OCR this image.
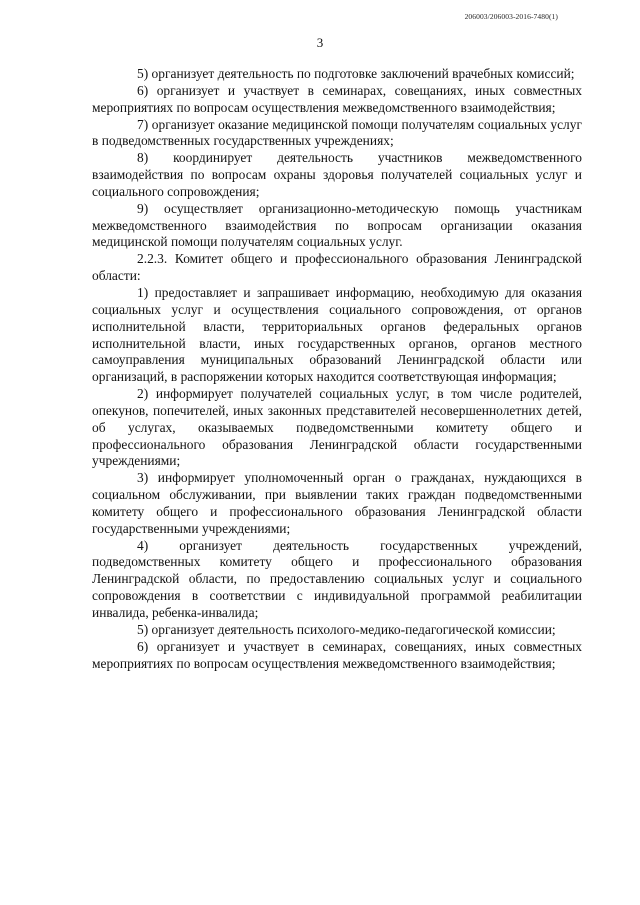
206003/206003-2016-7480(1)
3

5) организует деятельность по подготовке заключений врачебных комиссий;

6) организует и участвует в семинарах, совещаниях, иных совместных мероприятиях по вопросам осуществления межведомственного взаимодействия;

7) организует оказание медицинской помощи получателям социальных услуг в подведомственных государственных учреждениях;

8) координирует деятельность участников межведомственного взаимодействия по вопросам охраны здоровья получателей социальных услуг и социального сопровождения;

9) осуществляет организационно-методическую помощь участникам межведомственного взаимодействия по вопросам организации оказания медицинской помощи получателям социальных услуг.

2.2.3. Комитет общего и профессионального образования Ленинградской области:

1) предоставляет и запрашивает информацию, необходимую для оказания социальных услуг и осуществления социального сопровождения, от органов исполнительной власти, территориальных органов федеральных органов исполнительной власти, иных государственных органов, органов местного самоуправления муниципальных образований Ленинградской области или организаций, в распоряжении которых находится соответствующая информация;

2) информирует получателей социальных услуг, в том числе родителей, опекунов, попечителей, иных законных представителей несовершеннолетних детей, об услугах, оказываемых подведомственными комитету общего и профессионального образования Ленинградской области государственными учреждениями;

3) информирует уполномоченный орган о гражданах, нуждающихся в социальном обслуживании, при выявлении таких граждан подведомственными комитету общего и профессионального образования Ленинградской области государственными учреждениями;

4) организует деятельность государственных учреждений, подведомственных комитету общего и профессионального образования Ленинградской области, по предоставлению социальных услуг и социального сопровождения в соответствии с индивидуальной программой реабилитации инвалида, ребенка-инвалида;

5) организует деятельность психолого-медико-педагогической комиссии;

6) организует и участвует в семинарах, совещаниях, иных совместных мероприятиях по вопросам осуществления межведомственного взаимодействия;
